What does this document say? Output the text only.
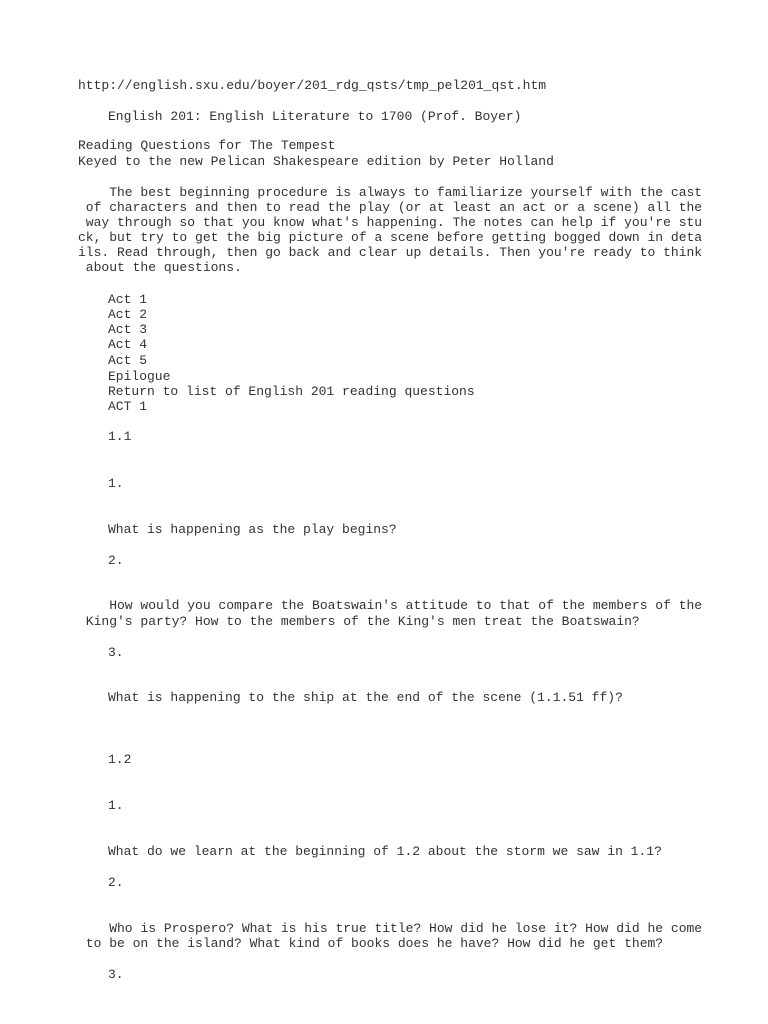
http://english.sxu.edu/boyer/201_rdg_qsts/tmp_pel201_qst.htm

English 201: English Literature to 1700 (Prof. Boyer)

Reading Questions for The Tempest

Keyed to the new Pelican Shakespeare edition by Peter Holland

The best beginning procedure is always to familiarize yourself with the cast
of characters and then to read the play (or at least an act or a scene) all the
way through so that you know what's happening. The notes can help if you're stu
ck, but try to get the big picture of a scene before getting bogged down in deta
ils. Read through, then go back and clear up details. Then you're ready to think
about the questions.

Act 1

Act 2

Act 3

Act 4

Act 5

Epilogue

Return to list of English 201 reading questions

ACT 1

1.1

1.

What is happening as the play begins?

2.

How would you compare the Boatswain's attitude to that of the members of the

King's party? How to the members of the King's men treat the Boatswain?

3.

What is happening to the ship at the end of the scene (1.1.51 ff)?

1.2

1.

What do we learn at the beginning of 1.2 about the storm we saw in 1.1?

2.

Who is Prospero? What is his true title? How did he lose it? How did he come

to be on the island? What kind of books does he have? How did he get them?

3.
